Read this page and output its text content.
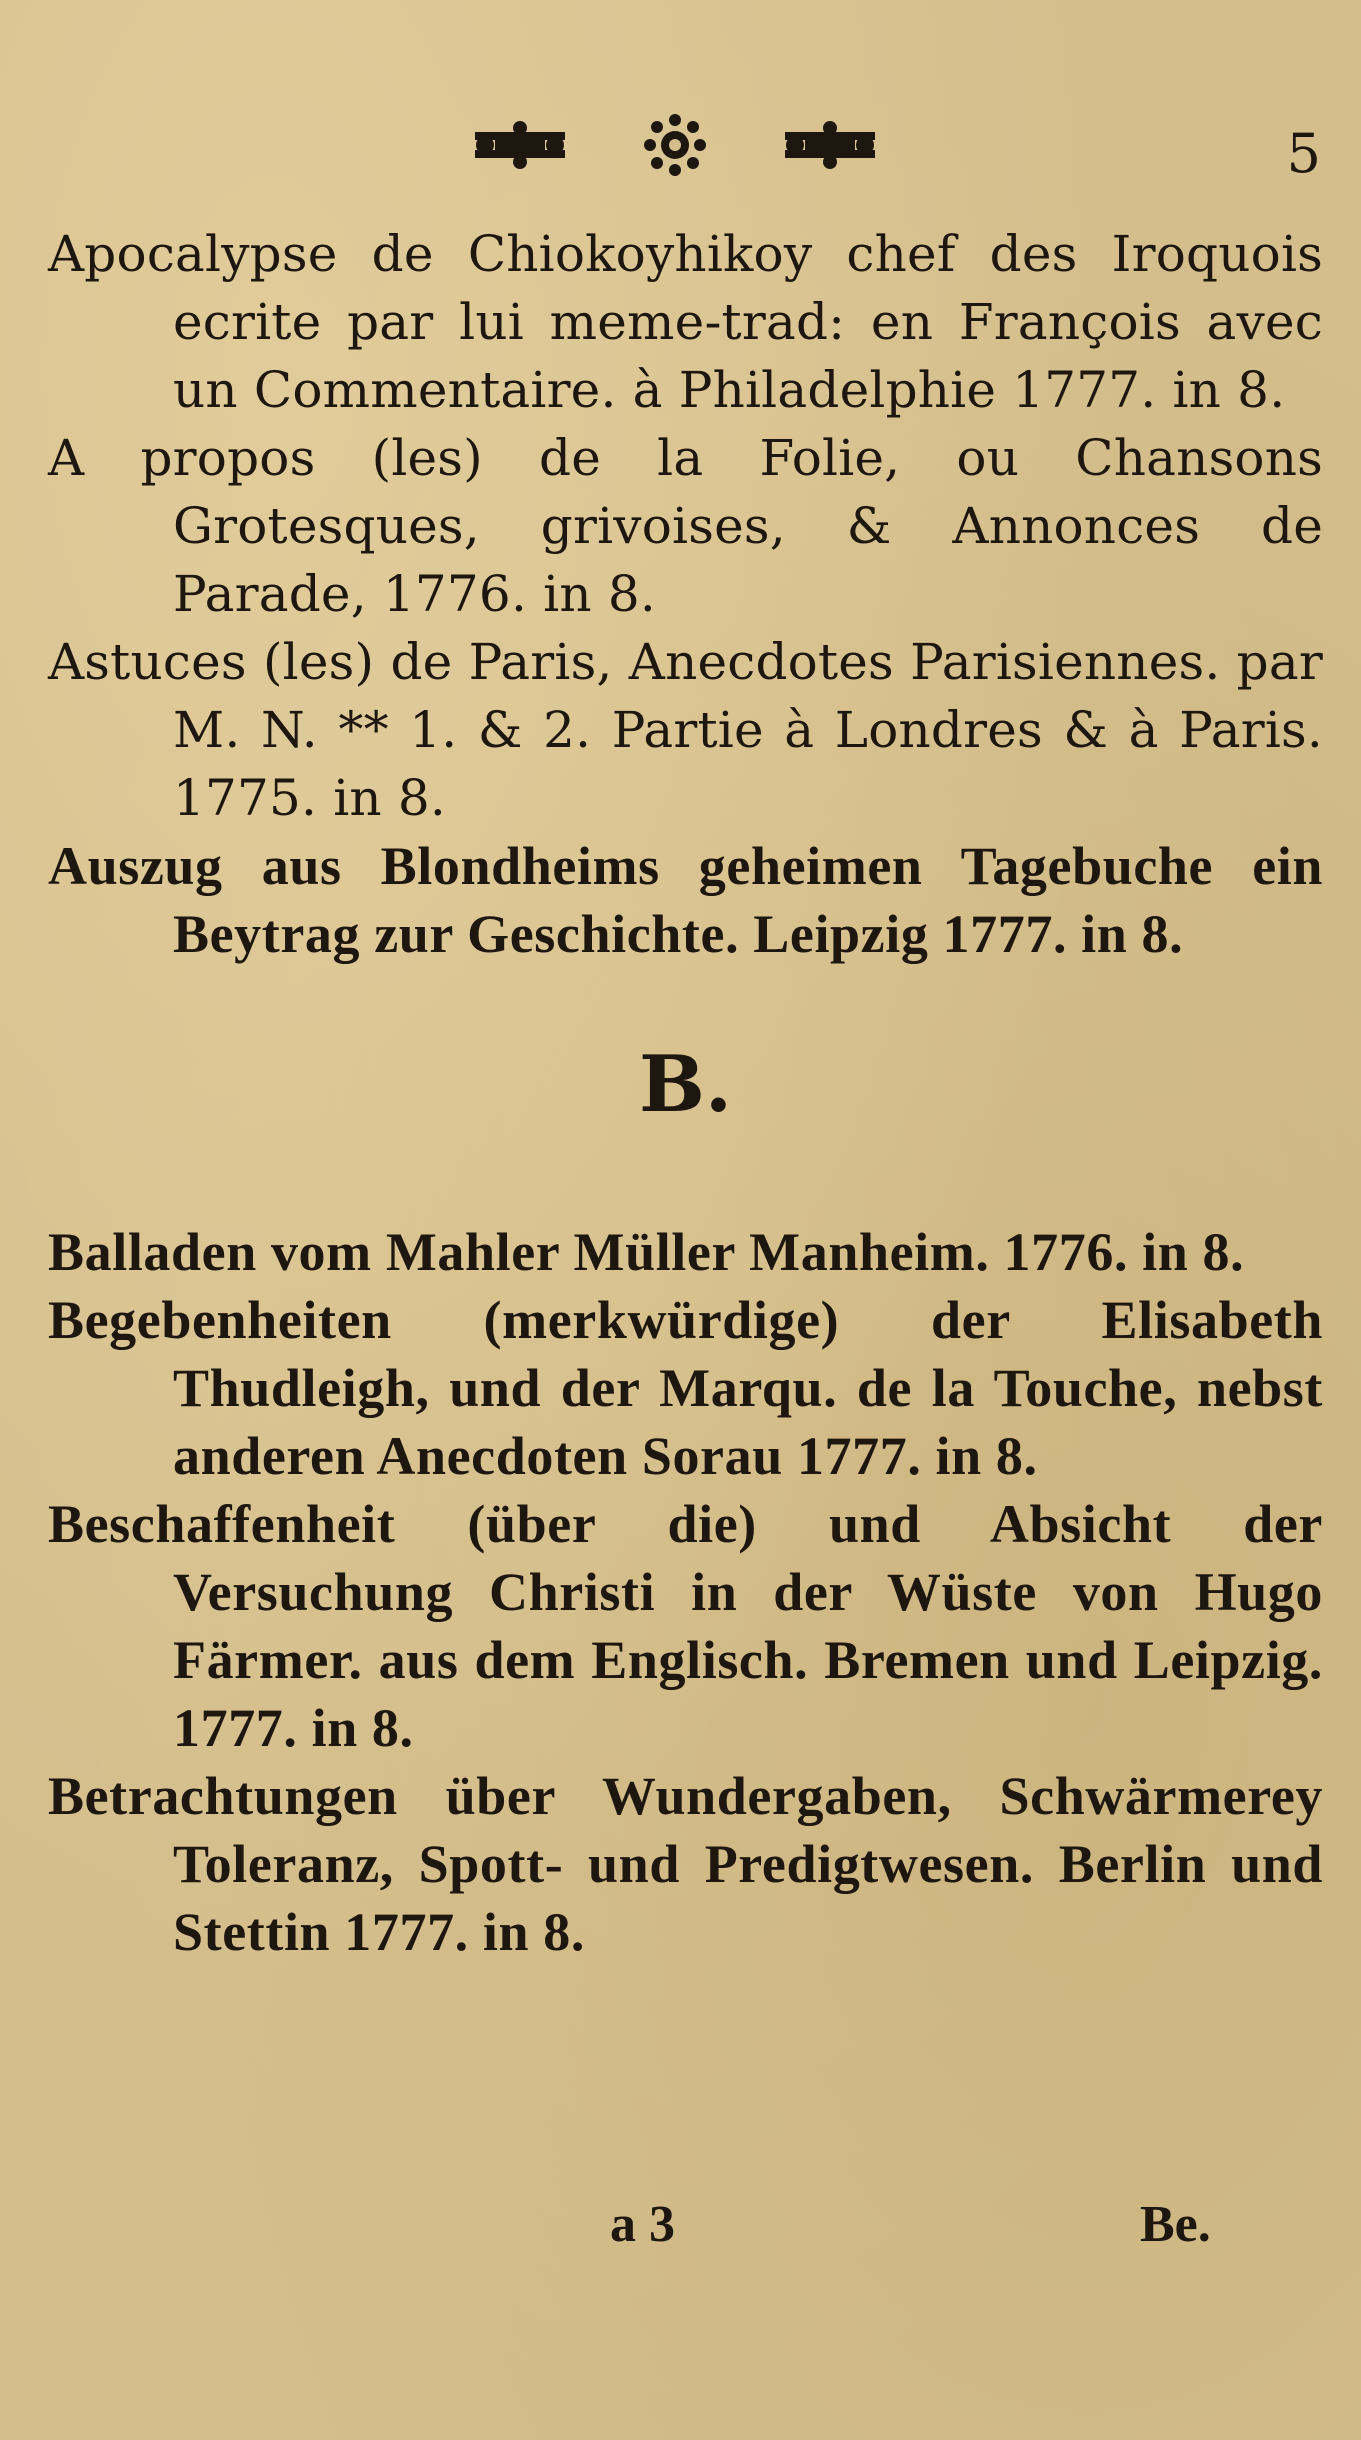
5

Apocalypse de Chiokoyhikoy chef des Iroquois ecrite par lui meme-trad: en François avec un Commentaire. à Philadelphie 1777. in 8.

A propos (les) de la Folie, ou Chansons Grotesques, grivoises, & Annonces de Parade, 1776. in 8.

Astuces (les) de Paris, Anecdotes Parisiennes. par M. N. ** 1. & 2. Partie à Londres & à Paris. 1775. in 8.

Auszug aus Blondheims geheimen Tagebuche ein Beytrag zur Geschichte. Leipzig 1777. in 8.

B.

Balladen vom Mahler Müller Manheim. 1776. in 8.

Begebenheiten (merkwürdige) der Elisabeth Thudleigh, und der Marqu. de la Touche, nebst anderen Anecdoten Sorau 1777. in 8.

Beschaffenheit (über die) und Absicht der Versuchung Christi in der Wüste von Hugo Färmer. aus dem Englisch. Bremen und Leipzig. 1777. in 8.

Betrachtungen über Wundergaben, Schwärmerey Toleranz, Spott- und Predigtwesen. Berlin und Stettin 1777. in 8.

a 3	Be.
